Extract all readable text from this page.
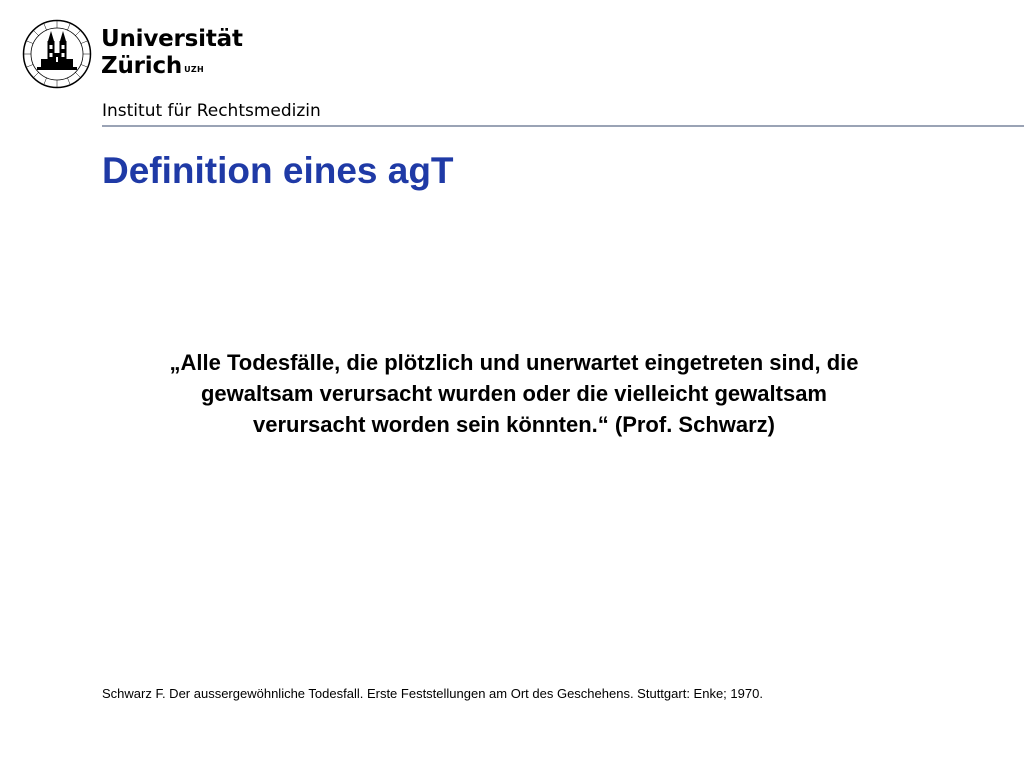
Universität
Zürich $^{UZH}$
Institut für Rechtsmedizin
Definition eines agT
„Alle Todesfälle, die plötzlich und unerwartet eingetreten sind, die
gewaltsam verursacht wurden oder die vielleicht gewaltsam
verursacht worden sein könnten.“ (Prof. Schwarz)
Schwarz F. Der aussergewöhnliche Todesfall. Erste Feststellungen am Ort des Geschehens. Stuttgart: Enke; 1970.
